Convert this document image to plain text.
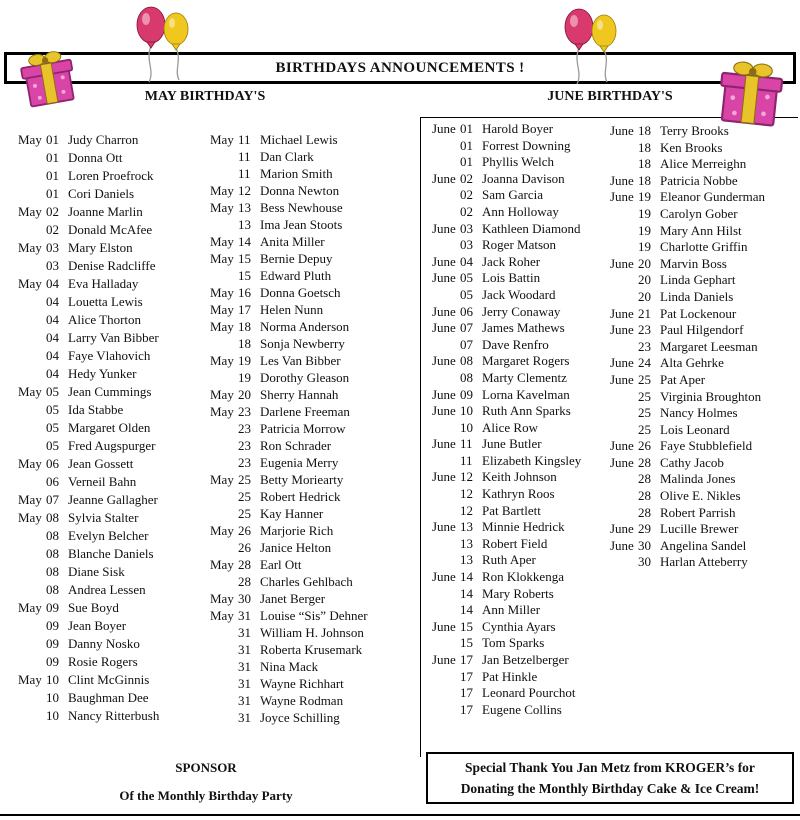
BIRTHDAYS ANNOUNCEMENTS !
MAY BIRTHDAY'S	JUNE BIRTHDAY'S
May 01 Judy Charron
01 Donna Ott
01 Loren Proefrock
01 Cori Daniels
May 02 Joanne Marlin
02 Donald McAfee
May 03 Mary Elston
03 Denise Radcliffe
May 04 Eva Halladay
04 Louetta Lewis
04 Alice Thorton
04 Larry Van Bibber
04 Faye Vlahovich
04 Hedy Yunker
May 05 Jean Cummings
05 Ida Stabbe
05 Margaret Olden
05 Fred Augspurger
May 06 Jean Gossett
06 Verneil Bahn
May 07 Jeanne Gallagher
May 08 Sylvia Stalter
08 Evelyn Belcher
08 Blanche Daniels
08 Diane Sisk
08 Andrea Lessen
May 09 Sue Boyd
09 Jean Boyer
09 Danny Nosko
09 Rosie Rogers
May 10 Clint McGinnis
10 Baughman Dee
10 Nancy Ritterbush
May 11 Michael Lewis
11 Dan Clark
11 Marion Smith
May 12 Donna Newton
May 13 Bess Newhouse
13 Ima Jean Stoots
May 14 Anita Miller
May 15 Bernie Depuy
15 Edward Pluth
May 16 Donna Goetsch
May 17 Helen Nunn
May 18 Norma Anderson
18 Sonja Newberry
May 19 Les Van Bibber
19 Dorothy Gleason
May 20 Sherry Hannah
May 23 Darlene Freeman
23 Patricia Morrow
23 Ron Schrader
23 Eugenia Merry
May 25 Betty Moriearty
25 Robert Hedrick
25 Kay Hanner
May 26 Marjorie Rich
26 Janice Helton
May 28 Earl Ott
28 Charles Gehlbach
May 30 Janet Berger
May 31 Louise “Sis” Dehner
31 William H. Johnson
31 Roberta Krusemark
31 Nina Mack
31 Wayne Richhart
31 Wayne Rodman
31 Joyce Schilling
June 01 Harold Boyer
01 Forrest Downing
01 Phyllis Welch
June 02 Joanna Davison
02 Sam Garcia
02 Ann Holloway
June 03 Kathleen Diamond
03 Roger Matson
June 04 Jack Roher
June 05 Lois Battin
05 Jack Woodard
June 06 Jerry Conaway
June 07 James Mathews
07 Dave Renfro
June 08 Margaret Rogers
08 Marty Clementz
June 09 Lorna Kavelman
June 10 Ruth Ann Sparks
10 Alice Row
June 11 June Butler
11 Elizabeth Kingsley
June 12 Keith Johnson
12 Kathryn Roos
12 Pat Bartlett
June 13 Minnie Hedrick
13 Robert Field
13 Ruth Aper
June 14 Ron Klokkenga
14 Mary Roberts
14 Ann Miller
June 15 Cynthia Ayars
15 Tom Sparks
June 17 Jan Betzelberger
17 Pat Hinkle
17 Leonard Pourchot
17 Eugene Collins
June 18 Terry Brooks
18 Ken Brooks
18 Alice Merreighn
June 18 Patricia Nobbe
June 19 Eleanor Gunderman
19 Carolyn Gober
19 Mary Ann Hilst
19 Charlotte Griffin
June 20 Marvin Boss
20 Linda Gephart
20 Linda Daniels
June 21 Pat Lockenour
June 23 Paul Hilgendorf
23 Margaret Leesman
June 24 Alta Gehrke
June 25 Pat Aper
25 Virginia Broughton
25 Nancy Holmes
25 Lois Leonard
June 26 Faye Stubblefield
June 28 Cathy Jacob
28 Malinda Jones
28 Olive E. Nikles
28 Robert Parrish
June 29 Lucille Brewer
June 30 Angelina Sandel
30 Harlan Atteberry
SPONSOR
Of the Monthly Birthday Party
Special Thank You Jan Metz from KROGER’s for
Donating the Monthly Birthday Cake & Ice Cream!
